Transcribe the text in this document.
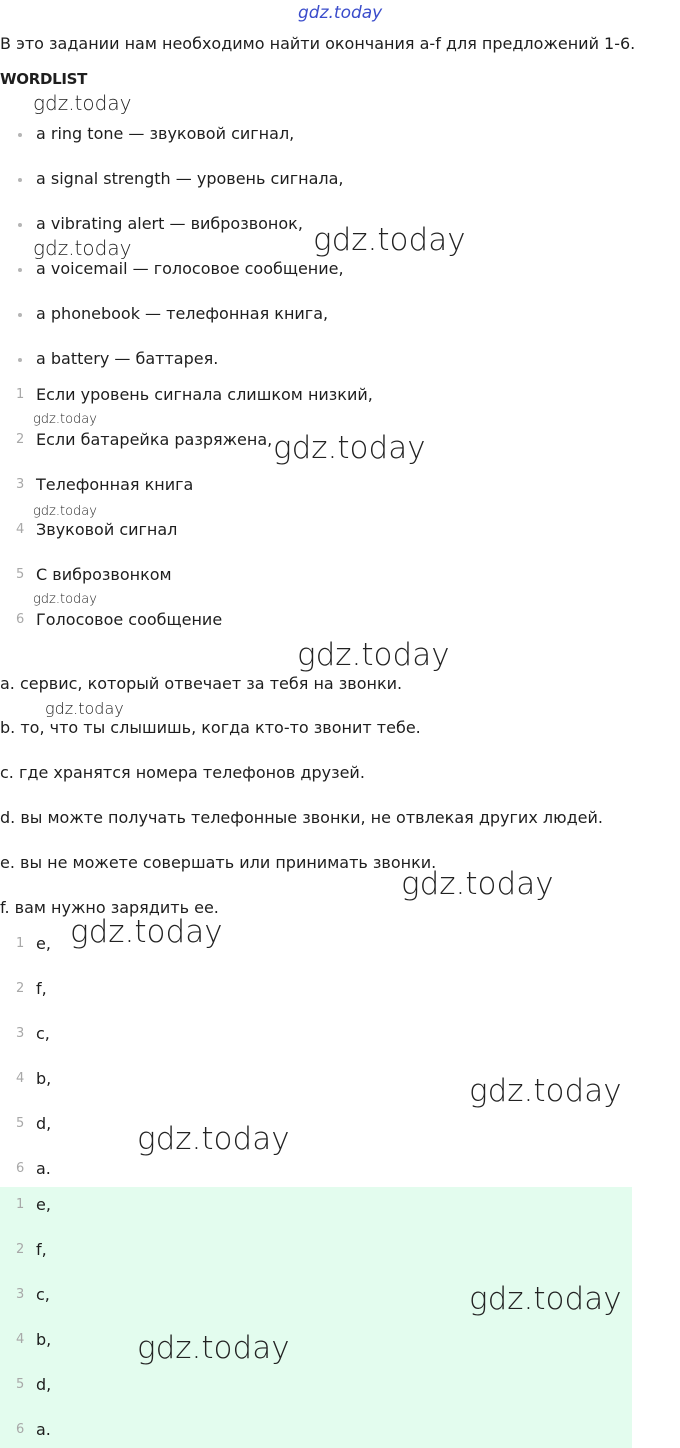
gdz.today
В это задании нам необходимо найти окончания a-f для предложений 1-6.
WORDLIST
a ring tone — звуковой сигнал,
a signal strength — уровень сигнала,
a vibrating alert — виброзвонок,
a voicemail — голосовое сообщение,
a phonebook — телефонная книга,
a battery — баттарея.
1 Если уровень сигнала слишком низкий,
2 Если батарейка разряжена,
3 Телефонная книга
4 Звуковой сигнал
5 С виброзвонком
6 Голосовое сообщение
a. сервис, который отвечает за тебя на звонки.
b. то, что ты слышишь, когда кто-то звонит тебе.
c. где хранятся номера телефонов друзей.
d. вы можте получать телефонные звонки, не отвлекая других людей.
e. вы не можете совершать или принимать звонки.
f. вам нужно зарядить ее.
1 e,
2 f,
3 c,
4 b,
5 d,
6 a.
1 e,
2 f,
3 c,
4 b,
5 d,
6 a.
gdz.today
gdz.today	gdz.today
gdz.today
gdz.today
gdz.today
gdz.today
gdz.today
gdz.today
gdz.today
gdz.today
gdz.today
gdz.today
gdz.today
gdz.today
